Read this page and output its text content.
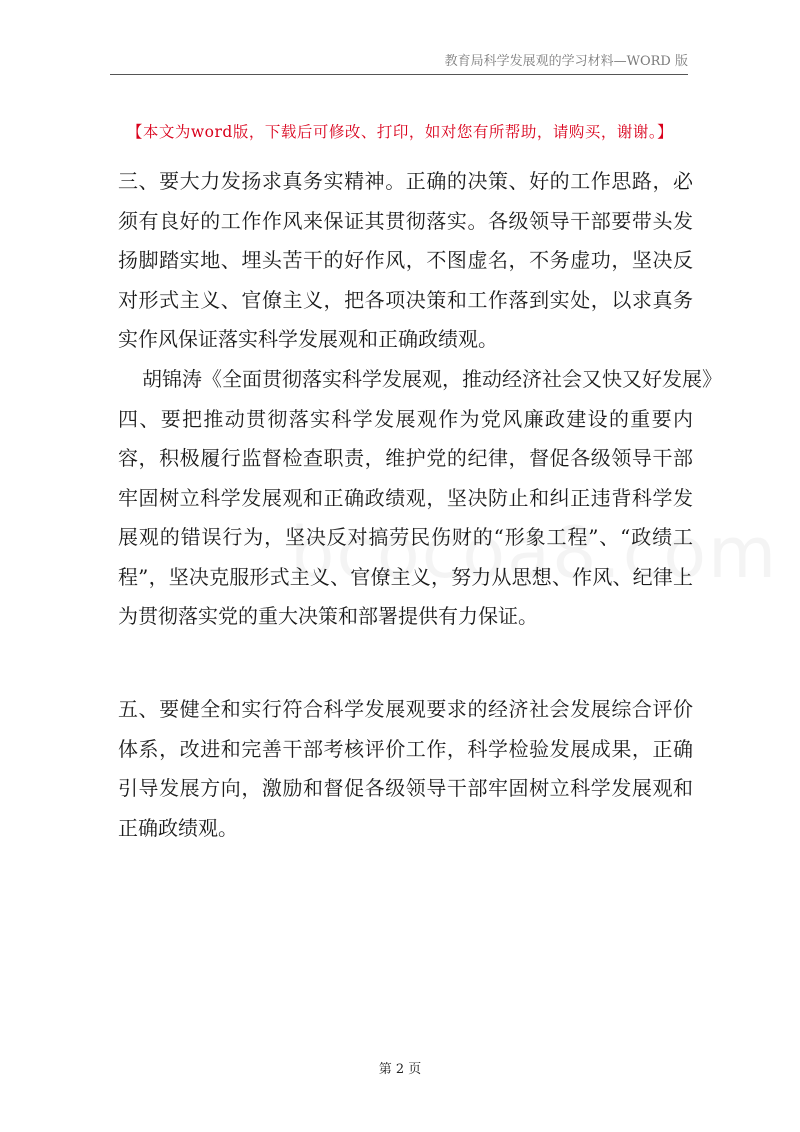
教育局科学发展观的学习材料—WORD 版
【本文为word版，下载后可修改、打印，如对您有所帮助，请购买，谢谢。】

三、要大力发扬求真务实精神。正确的决策、好的工作思路，必须有良好的工作作风来保证其贯彻落实。各级领导干部要带头发扬脚踏实地、埋头苦干的好作风，不图虚名，不务虚功，坚决反对形式主义、官僚主义，把各项决策和工作落到实处，以求真务实作风保证落实科学发展观和正确政绩观。

胡锦涛《全面贯彻落实科学发展观，推动经济社会又快又好发展》

四、要把推动贯彻落实科学发展观作为党风廉政建设的重要内容，积极履行监督检查职责，维护党的纪律，督促各级领导干部牢固树立科学发展观和正确政绩观，坚决防止和纠正违背科学发展观的错误行为，坚决反对搞劳民伤财的“形象工程”、“政绩工程”，坚决克服形式主义、官僚主义，努力从思想、作风、纪律上为贯彻落实党的重大决策和部署提供有力保证。

五、要健全和实行符合科学发展观要求的经济社会发展综合评价体系，改进和完善干部考核评价工作，科学检验发展成果，正确引导发展方向，激励和督促各级领导干部牢固树立科学发展观和正确政绩观。

第 2 页
